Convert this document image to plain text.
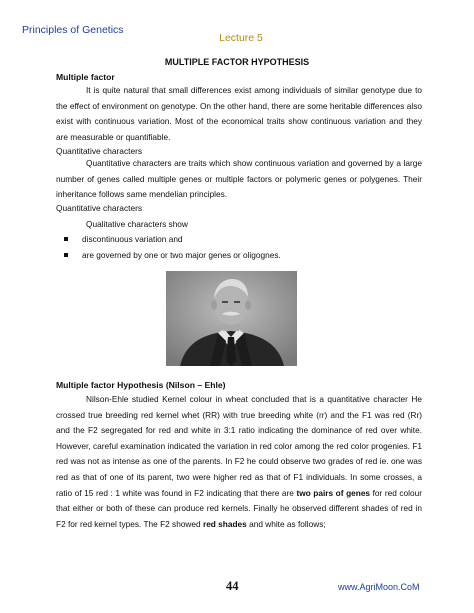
Principles of Genetics
Lecture 5
MULTIPLE FACTOR HYPOTHESIS
Multiple factor
It is quite natural that small differences exist among individuals of similar genotype due to the effect of environment on genotype. On the other hand, there are some heritable differences also exist with continuous variation. Most of the economical traits show continuous variation and they are measurable or quantifiable.
Quantitative characters
Quantitative characters are traits which show continuous variation and governed by a large number of genes called multiple genes or multiple factors or polymeric genes or polygenes. Their inheritance follows same mendelian principles.
Quantitative characters
Qualitative characters show
discontinuous variation and
are governed by one or two major genes or oligognes.
Multiple factor Hypothesis (Nilson – Ehle)
Nilson-Ehle studied Kernel colour in wheat concluded that is a quantitative character He crossed true breeding red kernel whet (RR) with true breeding white (rr) and the F1 was red (Rr) and the F2 segregated for red and white in 3:1 ratio indicating the dominance of red over white. However, careful examination indicated the variation in red color among the red color progenies. F1 red was not as intense as one of the parents. In F2 he could observe two grades of red ie. one was red as that of one of its parent, two were higher red as that of F1 individuals. In some crosses, a ratio of 15 red : 1 white was found in F2 indicating that there are two pairs of genes for red colour that either or both of these can produce red kernels. Finally he observed different shades of red in F2 for red kernel types. The F2 showed red shades and white as follows;
44	www.AgriMoon.CoM
